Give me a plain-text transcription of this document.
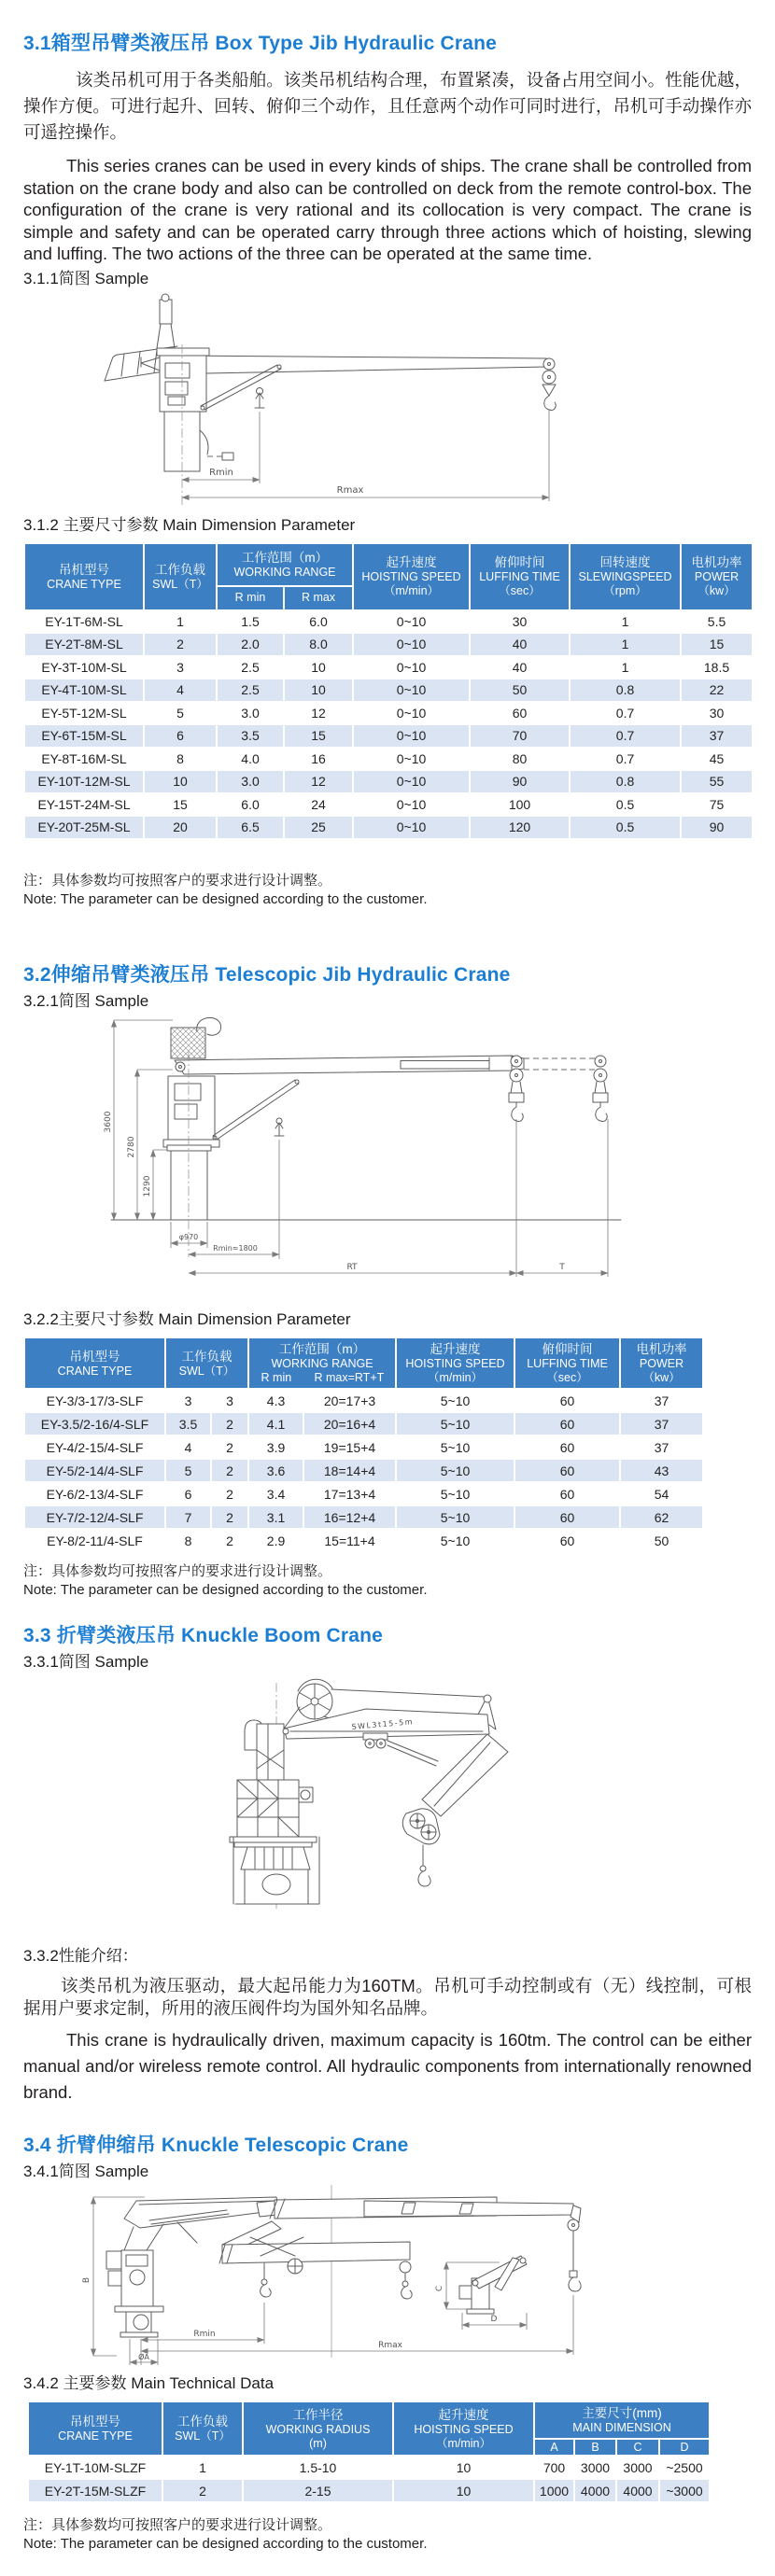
3.1箱型吊臂类液压吊 Box Type Jib Hydraulic Crane

该类吊机可用于各类船舶。该类吊机结构合理，布置紧凑，设备占用空间小。性能优越，操作方便。可进行起升、回转、俯仰三个动作，且任意两个动作可同时进行，吊机可手动操作亦可遥控操作。

This series cranes can be used in every kinds of ships. The crane shall be controlled from station on the crane body and also can be controlled on deck from the remote control-box. The configuration of the crane is very rational and its collocation is very compact. The crane is simple and safety and can be operated carry through three actions which of hoisting, slewing and luffing. The two actions of the three can be operated at the same time.

3.1.1简图 Sample
Rmin
Rmax
3.1.2 主要尺寸参数 Main Dimension Parameter
吊机型号
CRANE TYPE

工作负载
SWL（T）

工作范围（m）
WORKING RANGE

起升速度
HOISTING SPEED
（m/min）

俯仰时间
LUFFING TIME
（sec）

回转速度
SLEWINGSPEED
（rpm）

电机功率
POWER
（kw）

		R min	R max				

EY-1T-6M-SL	1	1.5	6.0	0~10	30	1	5.5
EY-2T-8M-SL	2	2.0	8.0	0~10	40	1	15
EY-3T-10M-SL	3	2.5	10	0~10	40	1	18.5
EY-4T-10M-SL	4	2.5	10	0~10	50	0.8	22
EY-5T-12M-SL	5	3.0	12	0~10	60	0.7	30
EY-6T-15M-SL	6	3.5	15	0~10	70	0.7	37
EY-8T-16M-SL	8	4.0	16	0~10	80	0.7	45
EY-10T-12M-SL	10	3.0	12	0~10	90	0.8	55
EY-15T-24M-SL	15	6.0	24	0~10	100	0.5	75
EY-20T-25M-SL	20	6.5	25	0~10	120	0.5	90

注：具体参数均可按照客户的要求进行设计调整。

Note: The parameter can be designed according to the customer.

3.2伸缩吊臂类液压吊 Telescopic Jib Hydraulic Crane
3.2.1简图 Sample
3600
2780
1290
φ970
Rmin≈1800
RT	T
3.2.2主要尺寸参数 Main Dimension Parameter
吊机型号
CRANE TYPE

工作负载
SWL（T）

工作范围（m）
WORKING RANGE
R min	R max=RT+T

起升速度
HOISTING SPEED
（m/min）

俯仰时间
LUFFING TIME
（sec）

电机功率
POWER
（kw）

EY-3/3-17/3-SLF	3	3	4.3	20=17+3	5~10	60	37
EY-3.5/2-16/4-SLF	3.5	2	4.1	20=16+4	5~10	60	37
EY-4/2-15/4-SLF	4	2	3.9	19=15+4	5~10	60	37
EY-5/2-14/4-SLF	5	2	3.6	18=14+4	5~10	60	43
EY-6/2-13/4-SLF	6	2	3.4	17=13+4	5~10	60	54
EY-7/2-12/4-SLF	7	2	3.1	16=12+4	5~10	60	62
EY-8/2-11/4-SLF	8	2	2.9	15=11+4	5~10	60	50

注：具体参数均可按照客户的要求进行设计调整。

Note: The parameter can be designed according to the customer.

3.3 折臂类液压吊 Knuckle Boom Crane
3.3.1简图 Sample
SWL3t15-5m
3.3.2性能介绍：

该类吊机为液压驱动，最大起吊能力为160TM。吊机可手动控制或有（无）线控制，可根据用户要求定制，所用的液压阀件均为国外知名品牌。

This crane is hydraulically driven, maximum capacity is 160tm. The control can be either manual and/or wireless remote control. All hydraulic components from internationally renowned brand.

3.4 折臂伸缩吊 Knuckle Telescopic Crane
3.4.1简图 Sample
B
C
D
Rmin
Rmax
ØA
3.4.2 主要参数 Main Technical Data
吊机型号
CRANE TYPE

工作负载
SWL（T）

工作半径
WORKING RADIUS
(m)

起升速度
HOISTING SPEED
（m/min）

主要尺寸(mm)
MAIN DIMENSION

				A	B	C	D

EY-1T-10M-SLZF	1	1.5-10	10	700	3000	3000	~2500
EY-2T-15M-SLZF	2	2-15	10	1000	4000	4000	~3000

注：具体参数均可按照客户的要求进行设计调整。

Note: The parameter can be designed according to the customer.
